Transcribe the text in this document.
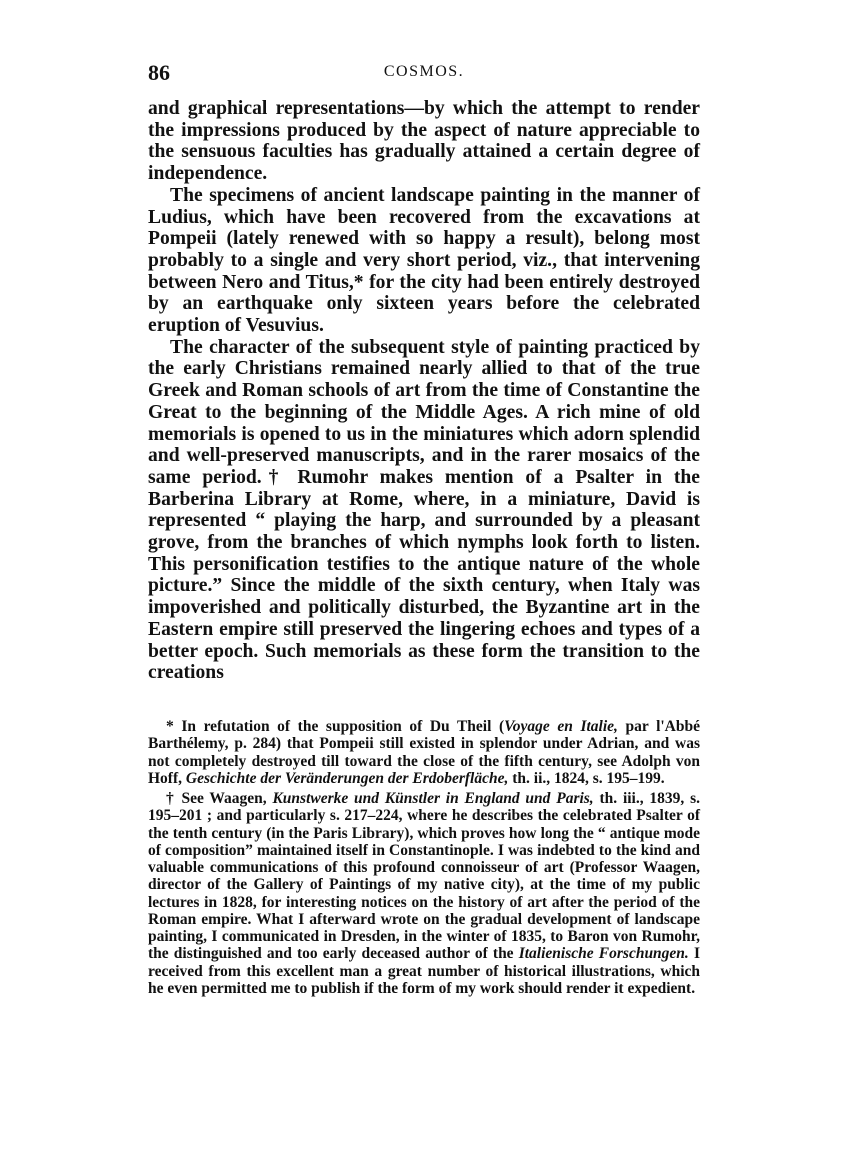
86	COSMOS.

and graphical representations—by which the attempt to render the impressions produced by the aspect of nature appreciable to the sensuous faculties has gradually attained a certain degree of independence.

The specimens of ancient landscape painting in the manner of Ludius, which have been recovered from the excavations at Pompeii (lately renewed with so happy a result), belong most probably to a single and very short period, viz., that intervening between Nero and Titus,* for the city had been entirely destroyed by an earthquake only sixteen years before the celebrated eruption of Vesuvius.

The character of the subsequent style of painting practiced by the early Christians remained nearly allied to that of the true Greek and Roman schools of art from the time of Constantine the Great to the beginning of the Middle Ages. A rich mine of old memorials is opened to us in the miniatures which adorn splendid and well-preserved manuscripts, and in the rarer mosaics of the same period.† Rumohr makes mention of a Psalter in the Barberina Library at Rome, where, in a miniature, David is represented “ playing the harp, and surrounded by a pleasant grove, from the branches of which nymphs look forth to listen. This personification testifies to the antique nature of the whole picture.” Since the middle of the sixth century, when Italy was impoverished and politically disturbed, the Byzantine art in the Eastern empire still preserved the lingering echoes and types of a better epoch. Such memorials as these form the transition to the creations

* In refutation of the supposition of Du Theil (Voyage en Italie, par l'Abbé Barthélemy, p. 284) that Pompeii still existed in splendor under Adrian, and was not completely destroyed till toward the close of the fifth century, see Adolph von Hoff, Geschichte der Veränderungen der Erdoberfläche, th. ii., 1824, s. 195–199.

† See Waagen, Kunstwerke und Künstler in England und Paris, th. iii., 1839, s. 195–201 ; and particularly s. 217–224, where he describes the celebrated Psalter of the tenth century (in the Paris Library), which proves how long the “ antique mode of composition” maintained itself in Constantinople. I was indebted to the kind and valuable communications of this profound connoisseur of art (Professor Waagen, director of the Gallery of Paintings of my native city), at the time of my public lectures in 1828, for interesting notices on the history of art after the period of the Roman empire. What I afterward wrote on the gradual development of landscape painting, I communicated in Dresden, in the winter of 1835, to Baron von Rumohr, the distinguished and too early deceased author of the Italienische Forschungen. I received from this excellent man a great number of historical illustrations, which he even permitted me to publish if the form of my work should render it expedient.
